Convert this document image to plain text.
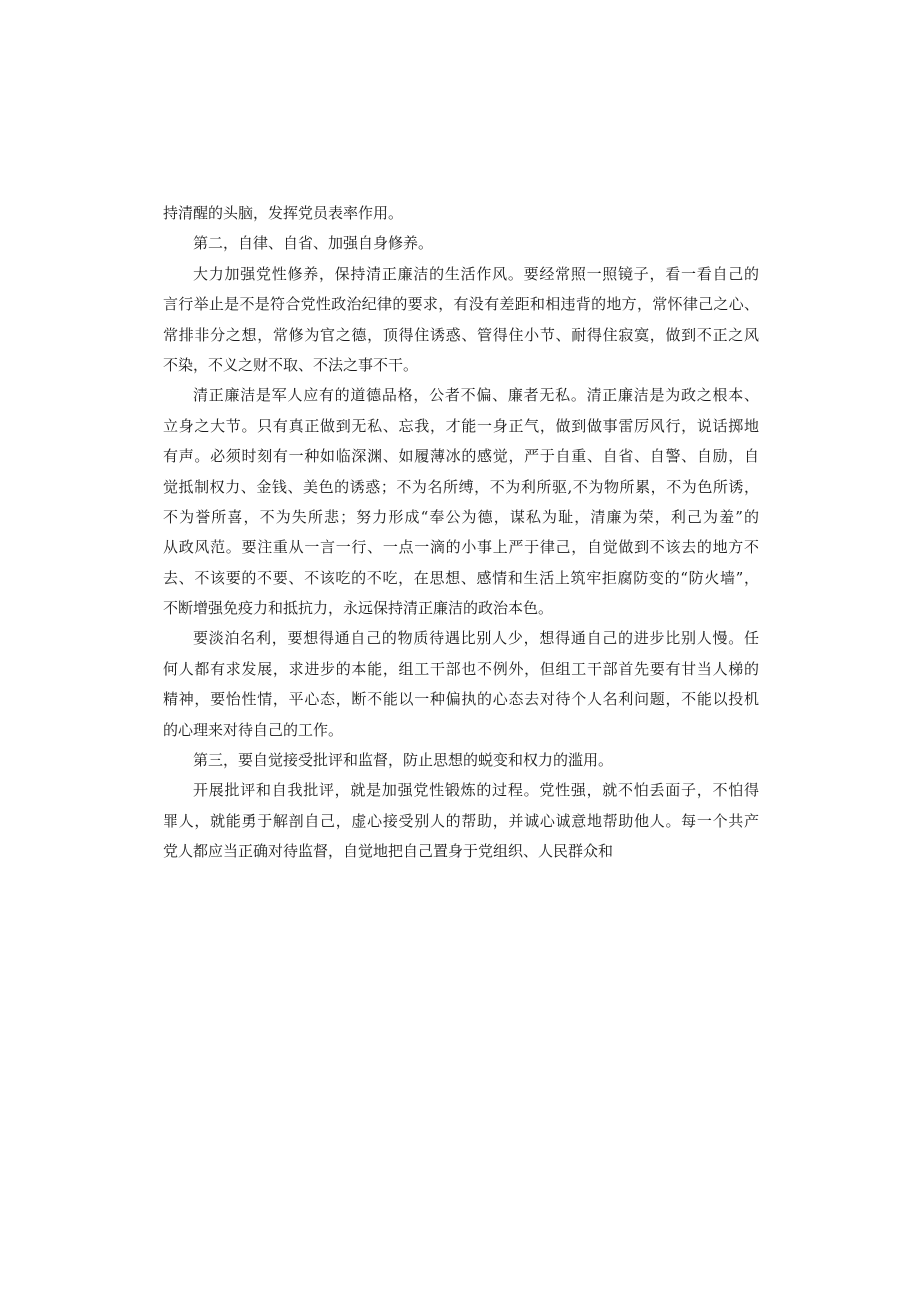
持清醒的头脑，发挥党员表率作用。
第二，自律、自省、加强自身修养。
大力加强党性修养，保持清正廉洁的生活作风。要经常照一照镜子，看一看自己的
言行举止是不是符合党性政治纪律的要求，有没有差距和相违背的地方，常怀律己之心、
常排非分之想，常修为官之德，顶得住诱惑、管得住小节、耐得住寂寞，做到不正之风
不染，不义之财不取、不法之事不干。
清正廉洁是军人应有的道德品格，公者不偏、廉者无私。清正廉洁是为政之根本、
立身之大节。只有真正做到无私、忘我，才能一身正气，做到做事雷厉风行，说话掷地
有声。必须时刻有一种如临深渊、如履薄冰的感觉，严于自重、自省、自警、自励，自
觉抵制权力、金钱、美色的诱惑；不为名所缚，不为利所驱,不为物所累，不为色所诱，
不为誉所喜，不为失所悲；努力形成“奉公为德，谋私为耻，清廉为荣，利己为羞”的
从政风范。要注重从一言一行、一点一滴的小事上严于律己，自觉做到不该去的地方不
去、不该要的不要、不该吃的不吃，在思想、感情和生活上筑牢拒腐防变的“防火墙”，
不断增强免疫力和抵抗力，永远保持清正廉洁的政治本色。
要淡泊名利，要想得通自己的物质待遇比别人少，想得通自己的进步比别人慢。任
何人都有求发展，求进步的本能，组工干部也不例外，但组工干部首先要有甘当人梯的
精神，要怡性情，平心态，断不能以一种偏执的心态去对待个人名利问题，不能以投机
的心理来对待自己的工作。
第三，要自觉接受批评和监督，防止思想的蜕变和权力的滥用。
开展批评和自我批评，就是加强党性锻炼的过程。党性强，就不怕丢面子，不怕得
罪人，就能勇于解剖自己，虚心接受别人的帮助，并诚心诚意地帮助他人。每一个共产
党人都应当正确对待监督，自觉地把自己置身于党组织、人民群众和
